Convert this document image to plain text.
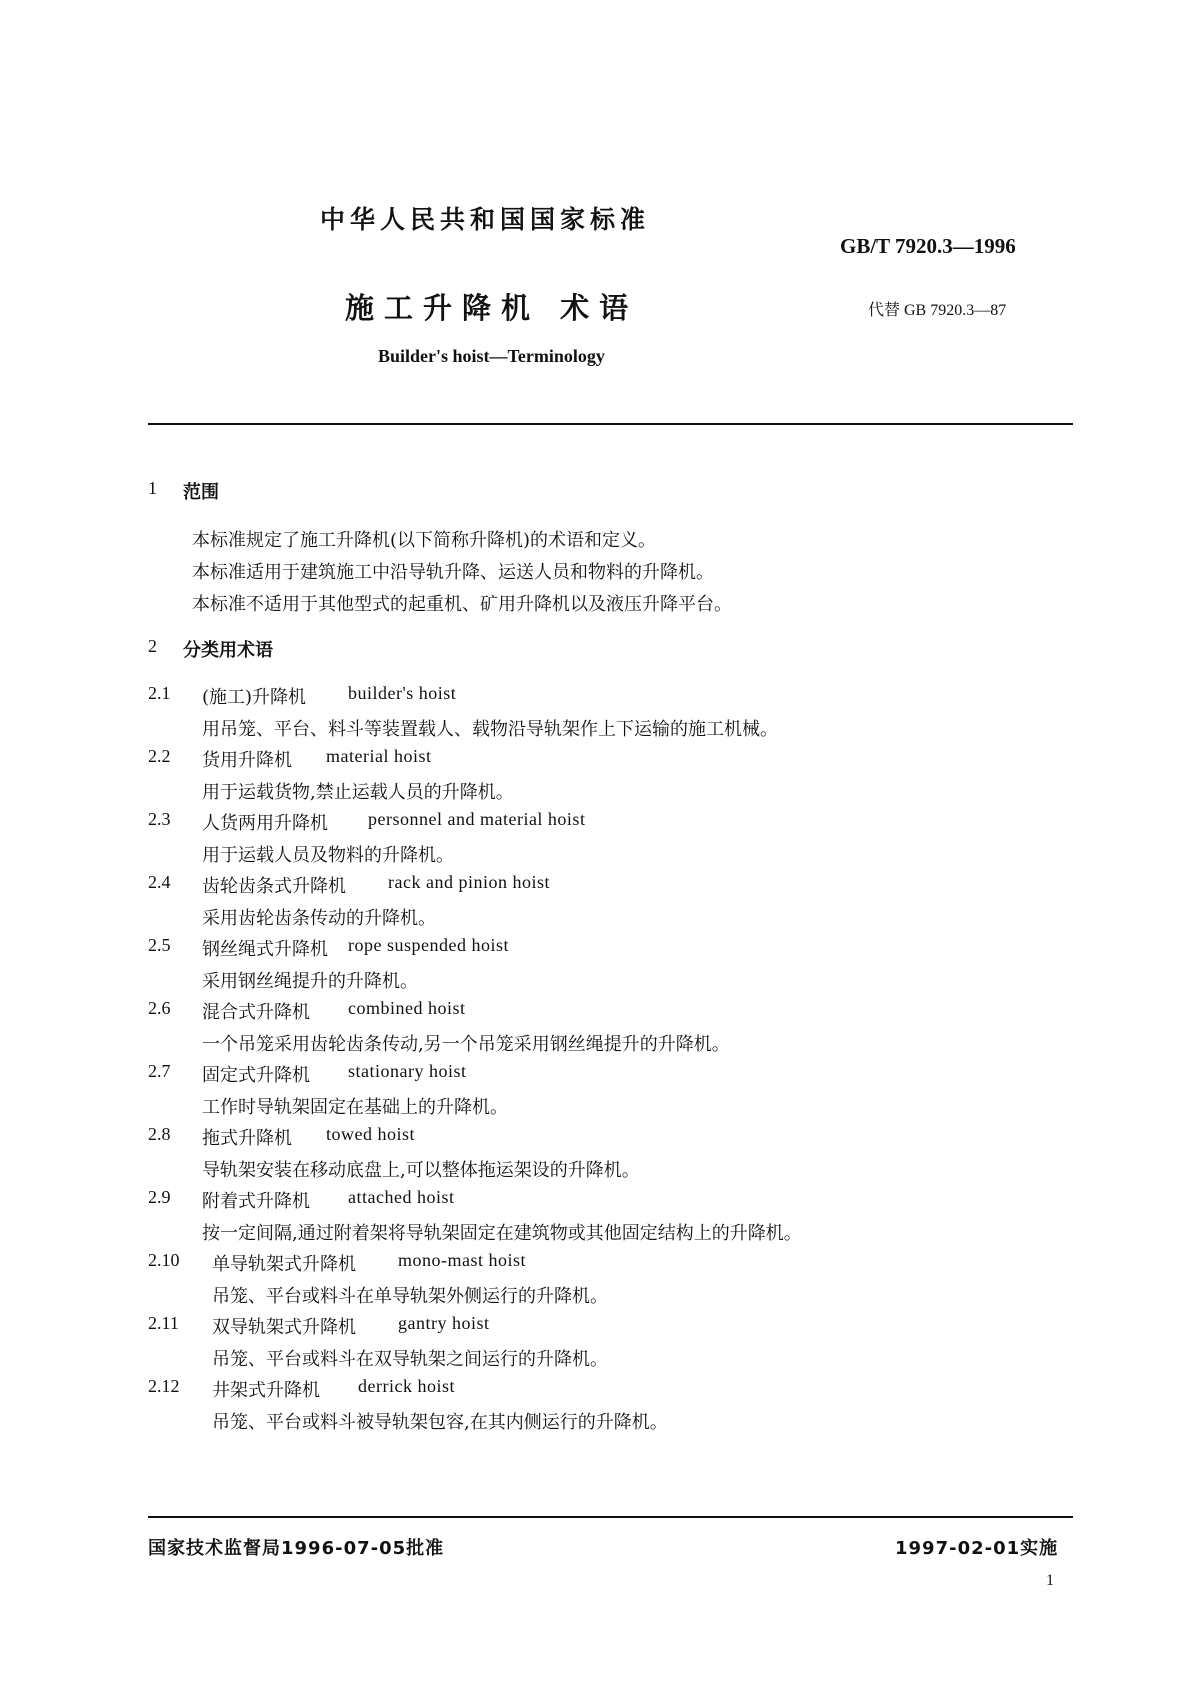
中华人民共和国国家标准
GB/T 7920.3—1996
施工升降机 术语	代替 GB 7920.3—87
Builder's hoist—Terminology
1 范围
本标准规定了施工升降机(以下简称升降机)的术语和定义。
本标准适用于建筑施工中沿导轨升降、运送人员和物料的升降机。
本标准不适用于其他型式的起重机、矿用升降机以及液压升降平台。
2 分类用术语
2.1 (施工)升降机 builder's hoist
用吊笼、平台、料斗等装置载人、载物沿导轨架作上下运输的施工机械。
2.2 货用升降机 material hoist
用于运载货物,禁止运载人员的升降机。
2.3 人货两用升降机 personnel and material hoist
用于运载人员及物料的升降机。
2.4 齿轮齿条式升降机 rack and pinion hoist
采用齿轮齿条传动的升降机。
2.5 钢丝绳式升降机 rope suspended hoist
采用钢丝绳提升的升降机。
2.6 混合式升降机 combined hoist
一个吊笼采用齿轮齿条传动,另一个吊笼采用钢丝绳提升的升降机。
2.7 固定式升降机 stationary hoist
工作时导轨架固定在基础上的升降机。
2.8 拖式升降机 towed hoist
导轨架安装在移动底盘上,可以整体拖运架设的升降机。
2.9 附着式升降机 attached hoist
按一定间隔,通过附着架将导轨架固定在建筑物或其他固定结构上的升降机。
2.10 单导轨架式升降机 mono-mast hoist
吊笼、平台或料斗在单导轨架外侧运行的升降机。
2.11 双导轨架式升降机 gantry hoist
吊笼、平台或料斗在双导轨架之间运行的升降机。
2.12 井架式升降机 derrick hoist
吊笼、平台或料斗被导轨架包容,在其内侧运行的升降机。
国家技术监督局1996-07-05批准	1997-02-01实施
1
